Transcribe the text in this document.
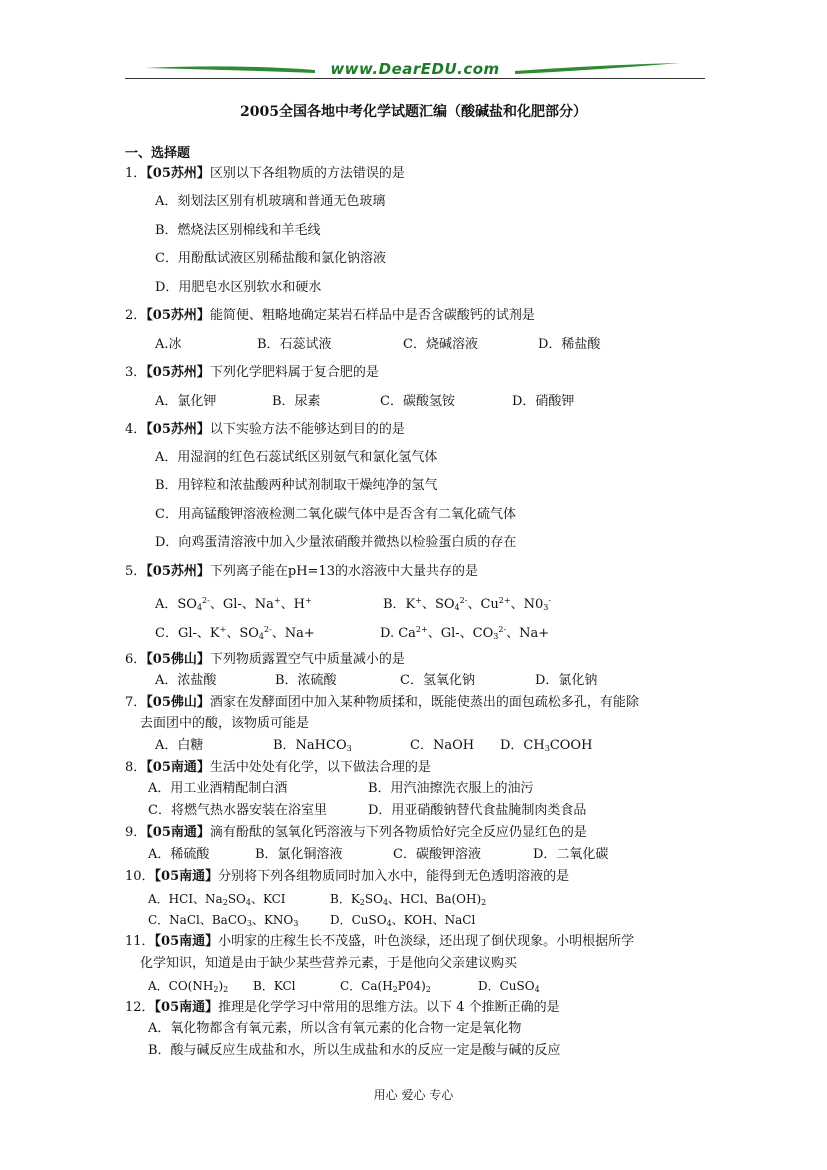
www.DearEDU.com
2005全国各地中考化学试题汇编（酸碱盐和化肥部分）
一、选择题
1．【05苏州】区别以下各组物质的方法错误的是
A．刻划法区别有机玻璃和普通无色玻璃
B．燃烧法区别棉线和羊毛线
C．用酚酞试液区别稀盐酸和氯化钠溶液
D．用肥皂水区别软水和硬水
2．【05苏州】能简便、粗略地确定某岩石样品中是否含碳酸钙的试剂是
A.冰	B．石蕊试液	C．烧碱溶液	D．稀盐酸
3．【05苏州】下列化学肥料属于复合肥的是
A．氯化钾	B．尿素	C．碳酸氢铵	D．硝酸钾
4．【05苏州】以下实验方法不能够达到目的的是
A．用湿润的红色石蕊试纸区别氨气和氯化氢气体
B．用锌粒和浓盐酸两种试剂制取干燥纯净的氢气
C．用高锰酸钾溶液检测二氧化碳气体中是否含有二氧化硫气体
D．向鸡蛋清溶液中加入少量浓硝酸并微热以检验蛋白质的存在
5．【05苏州】下列离子能在pH=13的水溶液中大量共存的是
A．$SO_4^{2-}$、Gl-、Na+、H+	B．K+、$SO_4^{2-}$、$Cu^{2+}$、$N0_3^-$
C．Gl-、K+、$SO_4^{2-}$、Na+	D. $Ca^{2+}$、Gl-、$CO_3^{2-}$、Na+
6．【05佛山】下列物质露置空气中质量减小的是
A．浓盐酸	B．浓硫酸	C．氢氧化钠	D．氯化钠
7．【05佛山】酒家在发酵面团中加入某种物质揉和，既能使蒸出的面包疏松多孔，有能除
去面团中的酸，该物质可能是
A．白糖	B．NaHCO$_3$	C．NaOH D．$CH_3COOH$
8．【05南通】生活中处处有化学，以下做法合理的是
A．用工业酒精配制白酒	B．用汽油擦洗衣服上的油污
C．将燃气热水器安装在浴室里	D．用亚硝酸钠替代食盐腌制肉类食品
9．【05南通】滴有酚酞的氢氧化钙溶液与下列各物质恰好完全反应仍显红色的是
A．稀硫酸	B．氯化铜溶液	C．碳酸钾溶液	D．二氧化碳
10．【05南通】分别将下列各组物质同时加入水中，能得到无色透明溶液的是
A．HCI、$Na_2SO_4$、KCI	B．$K_2SO_4$、HCl、$Ba(OH)_2$
C．NaCl、BaCO$_3$、$KNO_3$	D．CuSO$_4$、KOH、NaCl
11．【05南通】小明家的庄稼生长不茂盛，叶色淡绿，还出现了倒伏现象。小明根据所学
化学知识，知道是由于缺少某些营养元素，于是他向父亲建议购买
A．$CO(NH_2)_2$ B．KCl	C．$Ca(H_2P04)_2$	D．CuSO$_4$
12．【05南通】推理是化学学习中常用的思维方法。以下 4 个推断正确的是
A．氧化物都含有氧元素，所以含有氧元素的化合物一定是氧化物
B．酸与碱反应生成盐和水，所以生成盐和水的反应一定是酸与碱的反应
用心 爱心 专心
